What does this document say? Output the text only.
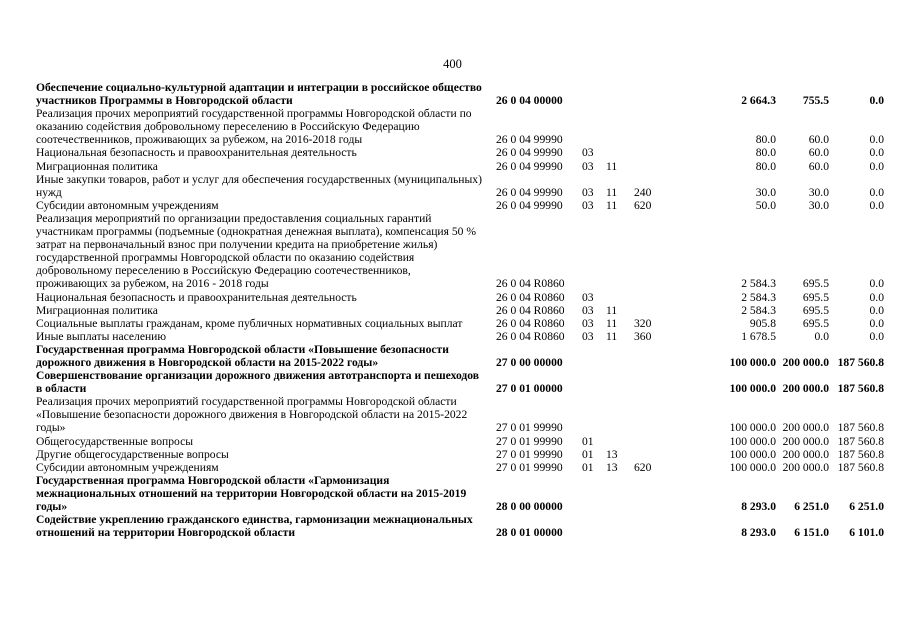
400
Обеспечение социально-культурной адаптации и интеграции в российское общество участников Программы в Новгородской области	26 0 04 00000					2 664.3	755.5	0.0
Реализация прочих мероприятий государственной программы Новгородской области по оказанию содействия добровольному переселению в Российскую Федерацию соотечественников, проживающих за рубежом, на 2016-2018 годы	26 0 04 99990					80.0	60.0	0.0
Национальная безопасность и правоохранительная деятельность	26 0 04 99990	03				80.0	60.0	0.0
Миграционная политика	26 0 04 99990	03	11			80.0	60.0	0.0
Иные закупки товаров, работ и услуг для обеспечения государственных (муниципальных) нужд	26 0 04 99990	03	11	240		30.0	30.0	0.0
Субсидии автономным учреждениям	26 0 04 99990	03	11	620		50.0	30.0	0.0
Реализация мероприятий по организации предоставления социальных гарантий участникам программы (подъемные (однократная денежная выплата), компенсация 50 % затрат на первоначальный взнос при получении кредита на приобретение жилья) государственной программы Новгородской области по оказанию содействия добровольному переселению в Российскую Федерацию соотечественников, проживающих за рубежом, на 2016 - 2018 годы	26 0 04 R0860					2 584.3	695.5	0.0
Национальная безопасность и правоохранительная деятельность	26 0 04 R0860	03				2 584.3	695.5	0.0
Миграционная политика	26 0 04 R0860	03	11			2 584.3	695.5	0.0
Социальные выплаты гражданам, кроме публичных нормативных социальных выплат	26 0 04 R0860	03	11	320		905.8	695.5	0.0
Иные выплаты населению	26 0 04 R0860	03	11	360		1 678.5	0.0	0.0
Государственная программа Новгородской области «Повышение безопасности дорожного движения в Новгородской области на 2015-2022 годы»	27 0 00 00000					100 000.0	200 000.0	187 560.8
Совершенствование организации дорожного движения автотранспорта и пешеходов в области	27 0 01 00000					100 000.0	200 000.0	187 560.8
Реализация прочих мероприятий государственной программы Новгородской области «Повышение безопасности дорожного движения в Новгородской области на 2015-2022 годы»	27 0 01 99990					100 000.0	200 000.0	187 560.8
Общегосударственные вопросы	27 0 01 99990	01				100 000.0	200 000.0	187 560.8
Другие общегосударственные вопросы	27 0 01 99990	01	13			100 000.0	200 000.0	187 560.8
Субсидии автономным учреждениям	27 0 01 99990	01	13	620		100 000.0	200 000.0	187 560.8
Государственная программа Новгородской области «Гармонизация межнациональных отношений на территории Новгородской области на 2015-2019 годы»	28 0 00 00000					8 293.0	6 251.0	6 251.0
Содействие укреплению гражданского единства, гармонизации межнациональных отношений на территории Новгородской области	28 0 01 00000					8 293.0	6 151.0	6 101.0
